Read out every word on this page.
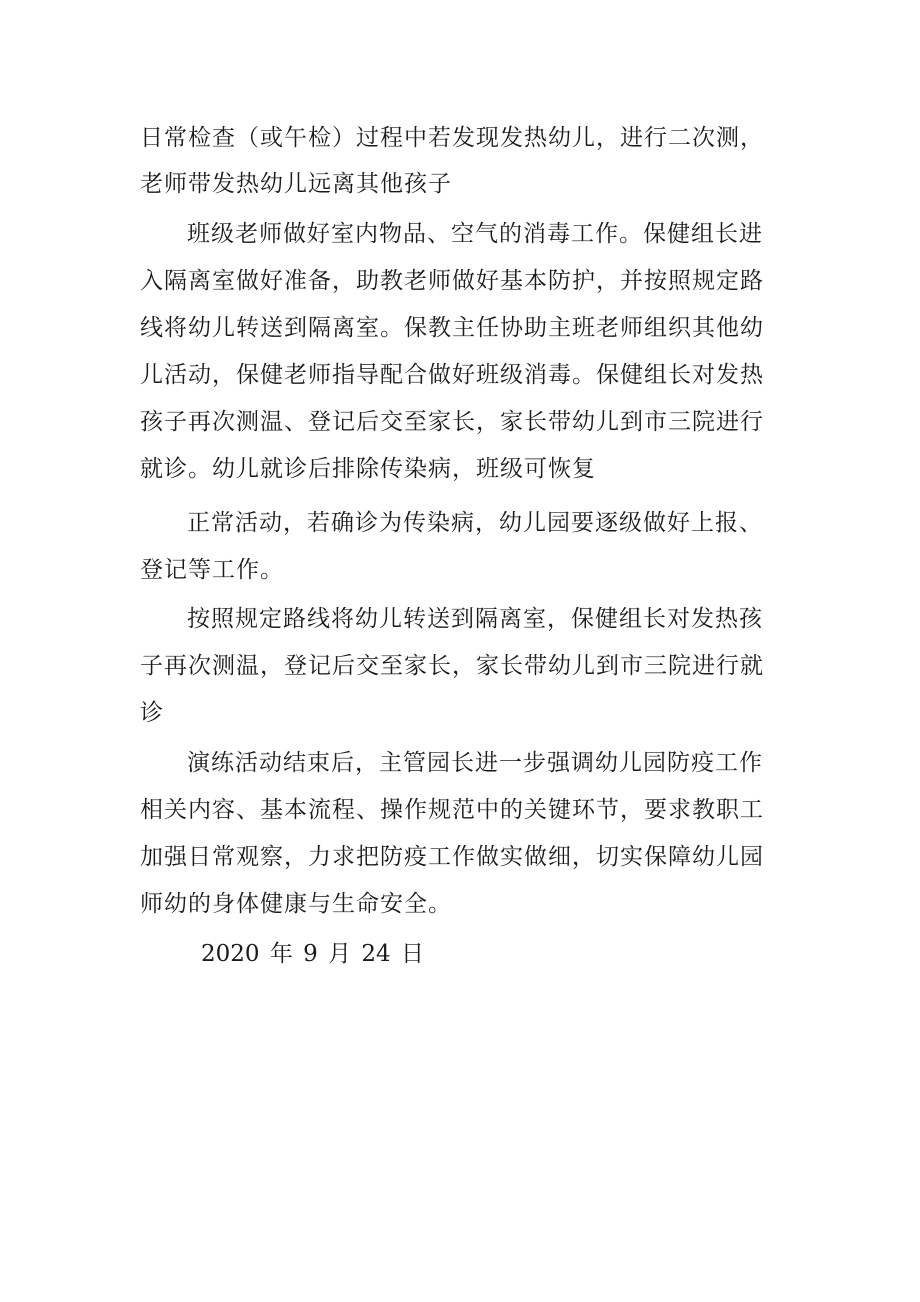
日常检查（或午检）过程中若发现发热幼儿，进行二次测，
老师带发热幼儿远离其他孩子
班级老师做好室内物品、空气的消毒工作。保健组长进
入隔离室做好准备，助教老师做好基本防护，并按照规定路
线将幼儿转送到隔离室。保教主任协助主班老师组织其他幼
儿活动，保健老师指导配合做好班级消毒。保健组长对发热
孩子再次测温、登记后交至家长，家长带幼儿到市三院进行
就诊。幼儿就诊后排除传染病，班级可恢复
正常活动，若确诊为传染病，幼儿园要逐级做好上报、
登记等工作。
按照规定路线将幼儿转送到隔离室，保健组长对发热孩
子再次测温，登记后交至家长，家长带幼儿到市三院进行就
诊
演练活动结束后，主管园长进一步强调幼儿园防疫工作
相关内容、基本流程、操作规范中的关键环节，要求教职工
加强日常观察，力求把防疫工作做实做细，切实保障幼儿园
师幼的身体健康与生命安全。
2020 年 9 月 24 日
